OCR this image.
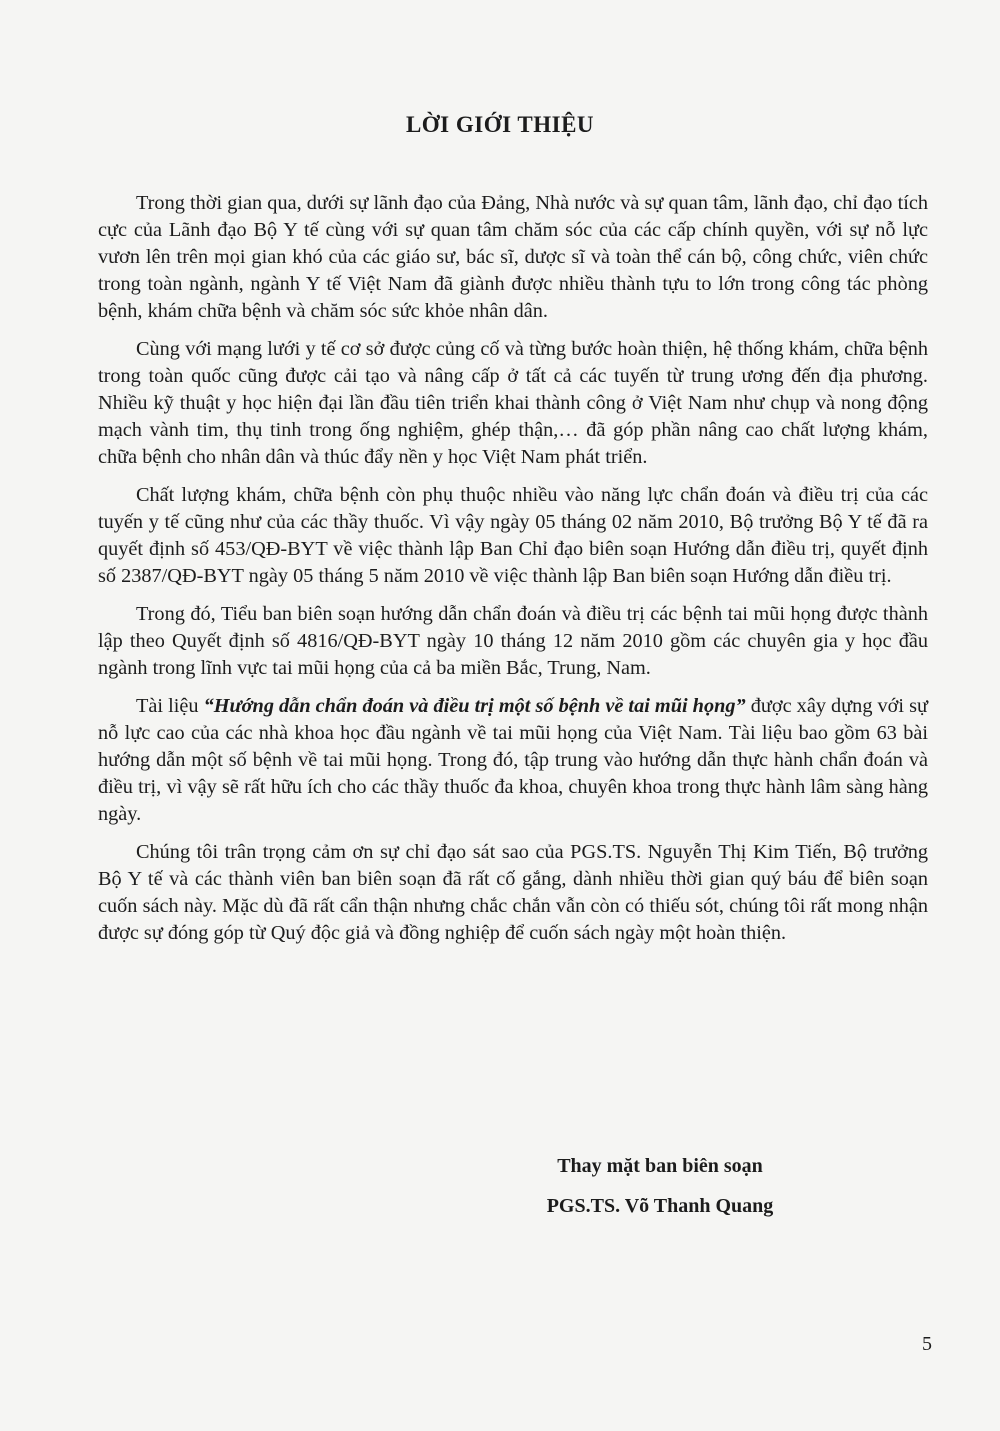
LỜI GIỚI THIỆU

Trong thời gian qua, dưới sự lãnh đạo của Đảng, Nhà nước và sự quan tâm, lãnh đạo, chỉ đạo tích cực của Lãnh đạo Bộ Y tế cùng với sự quan tâm chăm sóc của các cấp chính quyền, với sự nỗ lực vươn lên trên mọi gian khó của các giáo sư, bác sĩ, dược sĩ và toàn thể cán bộ, công chức, viên chức trong toàn ngành, ngành Y tế Việt Nam đã giành được nhiều thành tựu to lớn trong công tác phòng bệnh, khám chữa bệnh và chăm sóc sức khỏe nhân dân.

Cùng với mạng lưới y tế cơ sở được củng cố và từng bước hoàn thiện, hệ thống khám, chữa bệnh trong toàn quốc cũng được cải tạo và nâng cấp ở tất cả các tuyến từ trung ương đến địa phương. Nhiều kỹ thuật y học hiện đại lần đầu tiên triển khai thành công ở Việt Nam như chụp và nong động mạch vành tim, thụ tinh trong ống nghiệm, ghép thận,… đã góp phần nâng cao chất lượng khám, chữa bệnh cho nhân dân và thúc đẩy nền y học Việt Nam phát triển.

Chất lượng khám, chữa bệnh còn phụ thuộc nhiều vào năng lực chẩn đoán và điều trị của các tuyến y tế cũng như của các thầy thuốc. Vì vậy ngày 05 tháng 02 năm 2010, Bộ trưởng Bộ Y tế đã ra quyết định số 453/QĐ-BYT về việc thành lập Ban Chỉ đạo biên soạn Hướng dẫn điều trị, quyết định số 2387/QĐ-BYT ngày 05 tháng 5 năm 2010 về việc thành lập Ban biên soạn Hướng dẫn điều trị.

Trong đó, Tiểu ban biên soạn hướng dẫn chẩn đoán và điều trị các bệnh tai mũi họng được thành lập theo Quyết định số 4816/QĐ-BYT ngày 10 tháng 12 năm 2010 gồm các chuyên gia y học đầu ngành trong lĩnh vực tai mũi họng của cả ba miền Bắc, Trung, Nam.

Tài liệu “Hướng dẫn chẩn đoán và điều trị một số bệnh về tai mũi họng” được xây dựng với sự nỗ lực cao của các nhà khoa học đầu ngành về tai mũi họng của Việt Nam. Tài liệu bao gồm 63 bài hướng dẫn một số bệnh về tai mũi họng. Trong đó, tập trung vào hướng dẫn thực hành chẩn đoán và điều trị, vì vậy sẽ rất hữu ích cho các thầy thuốc đa khoa, chuyên khoa trong thực hành lâm sàng hàng ngày.

Chúng tôi trân trọng cảm ơn sự chỉ đạo sát sao của PGS.TS. Nguyễn Thị Kim Tiến, Bộ trưởng Bộ Y tế và các thành viên ban biên soạn đã rất cố gắng, dành nhiều thời gian quý báu để biên soạn cuốn sách này. Mặc dù đã rất cẩn thận nhưng chắc chắn vẫn còn có thiếu sót, chúng tôi rất mong nhận được sự đóng góp từ Quý độc giả và đồng nghiệp để cuốn sách ngày một hoàn thiện.

Thay mặt ban biên soạn
PGS.TS. Võ Thanh Quang
5
